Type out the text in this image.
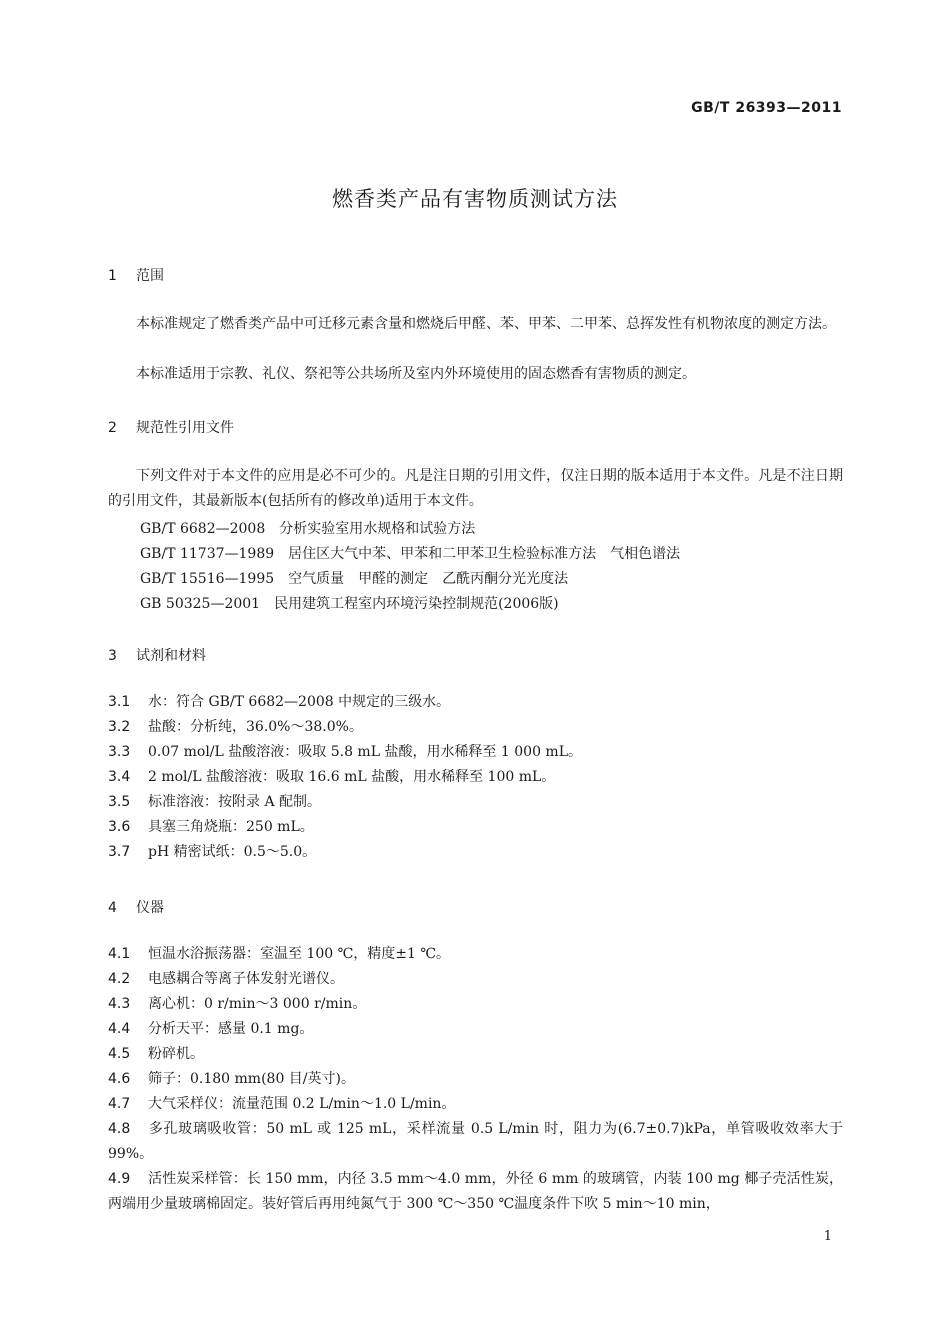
GB/T 26393—2011
燃香类产品有害物质测试方法
1 范围
本标准规定了燃香类产品中可迁移元素含量和燃烧后甲醛、苯、甲苯、二甲苯、总挥发性有机物浓度的测定方法。
本标准适用于宗教、礼仪、祭祀等公共场所及室内外环境使用的固态燃香有害物质的测定。
2 规范性引用文件
下列文件对于本文件的应用是必不可少的。凡是注日期的引用文件，仅注日期的版本适用于本文件。凡是不注日期的引用文件，其最新版本(包括所有的修改单)适用于本文件。
GB/T 6682—2008　分析实验室用水规格和试验方法
GB/T 11737—1989　居住区大气中苯、甲苯和二甲苯卫生检验标准方法　气相色谱法
GB/T 15516—1995　空气质量　甲醛的测定　乙酰丙酮分光光度法
GB 50325—2001　民用建筑工程室内环境污染控制规范(2006版)
3 试剂和材料
3.1 水：符合 GB/T 6682—2008 中规定的三级水。
3.2 盐酸：分析纯，36.0%～38.0%。
3.3 0.07 mol/L 盐酸溶液：吸取 5.8 mL 盐酸，用水稀释至 1 000 mL。
3.4 2 mol/L 盐酸溶液：吸取 16.6 mL 盐酸，用水稀释至 100 mL。
3.5 标准溶液：按附录 A 配制。
3.6 具塞三角烧瓶：250 mL。
3.7 pH 精密试纸：0.5～5.0。
4 仪器
4.1 恒温水浴振荡器：室温至 100 ℃，精度±1 ℃。
4.2 电感耦合等离子体发射光谱仪。
4.3 离心机：0 r/min～3 000 r/min。
4.4 分析天平：感量 0.1 mg。
4.5 粉碎机。
4.6 筛子：0.180 mm(80 目/英寸)。
4.7 大气采样仪：流量范围 0.2 L/min～1.0 L/min。
4.8 多孔玻璃吸收管：50 mL 或 125 mL，采样流量 0.5 L/min 时，阻力为(6.7±0.7)kPa，单管吸收效率大于 99%。
4.9 活性炭采样管：长 150 mm，内径 3.5 mm～4.0 mm，外径 6 mm 的玻璃管，内装 100 mg 椰子壳活性炭，两端用少量玻璃棉固定。装好管后再用纯氮气于 300 ℃～350 ℃温度条件下吹 5 min～10 min，
1
